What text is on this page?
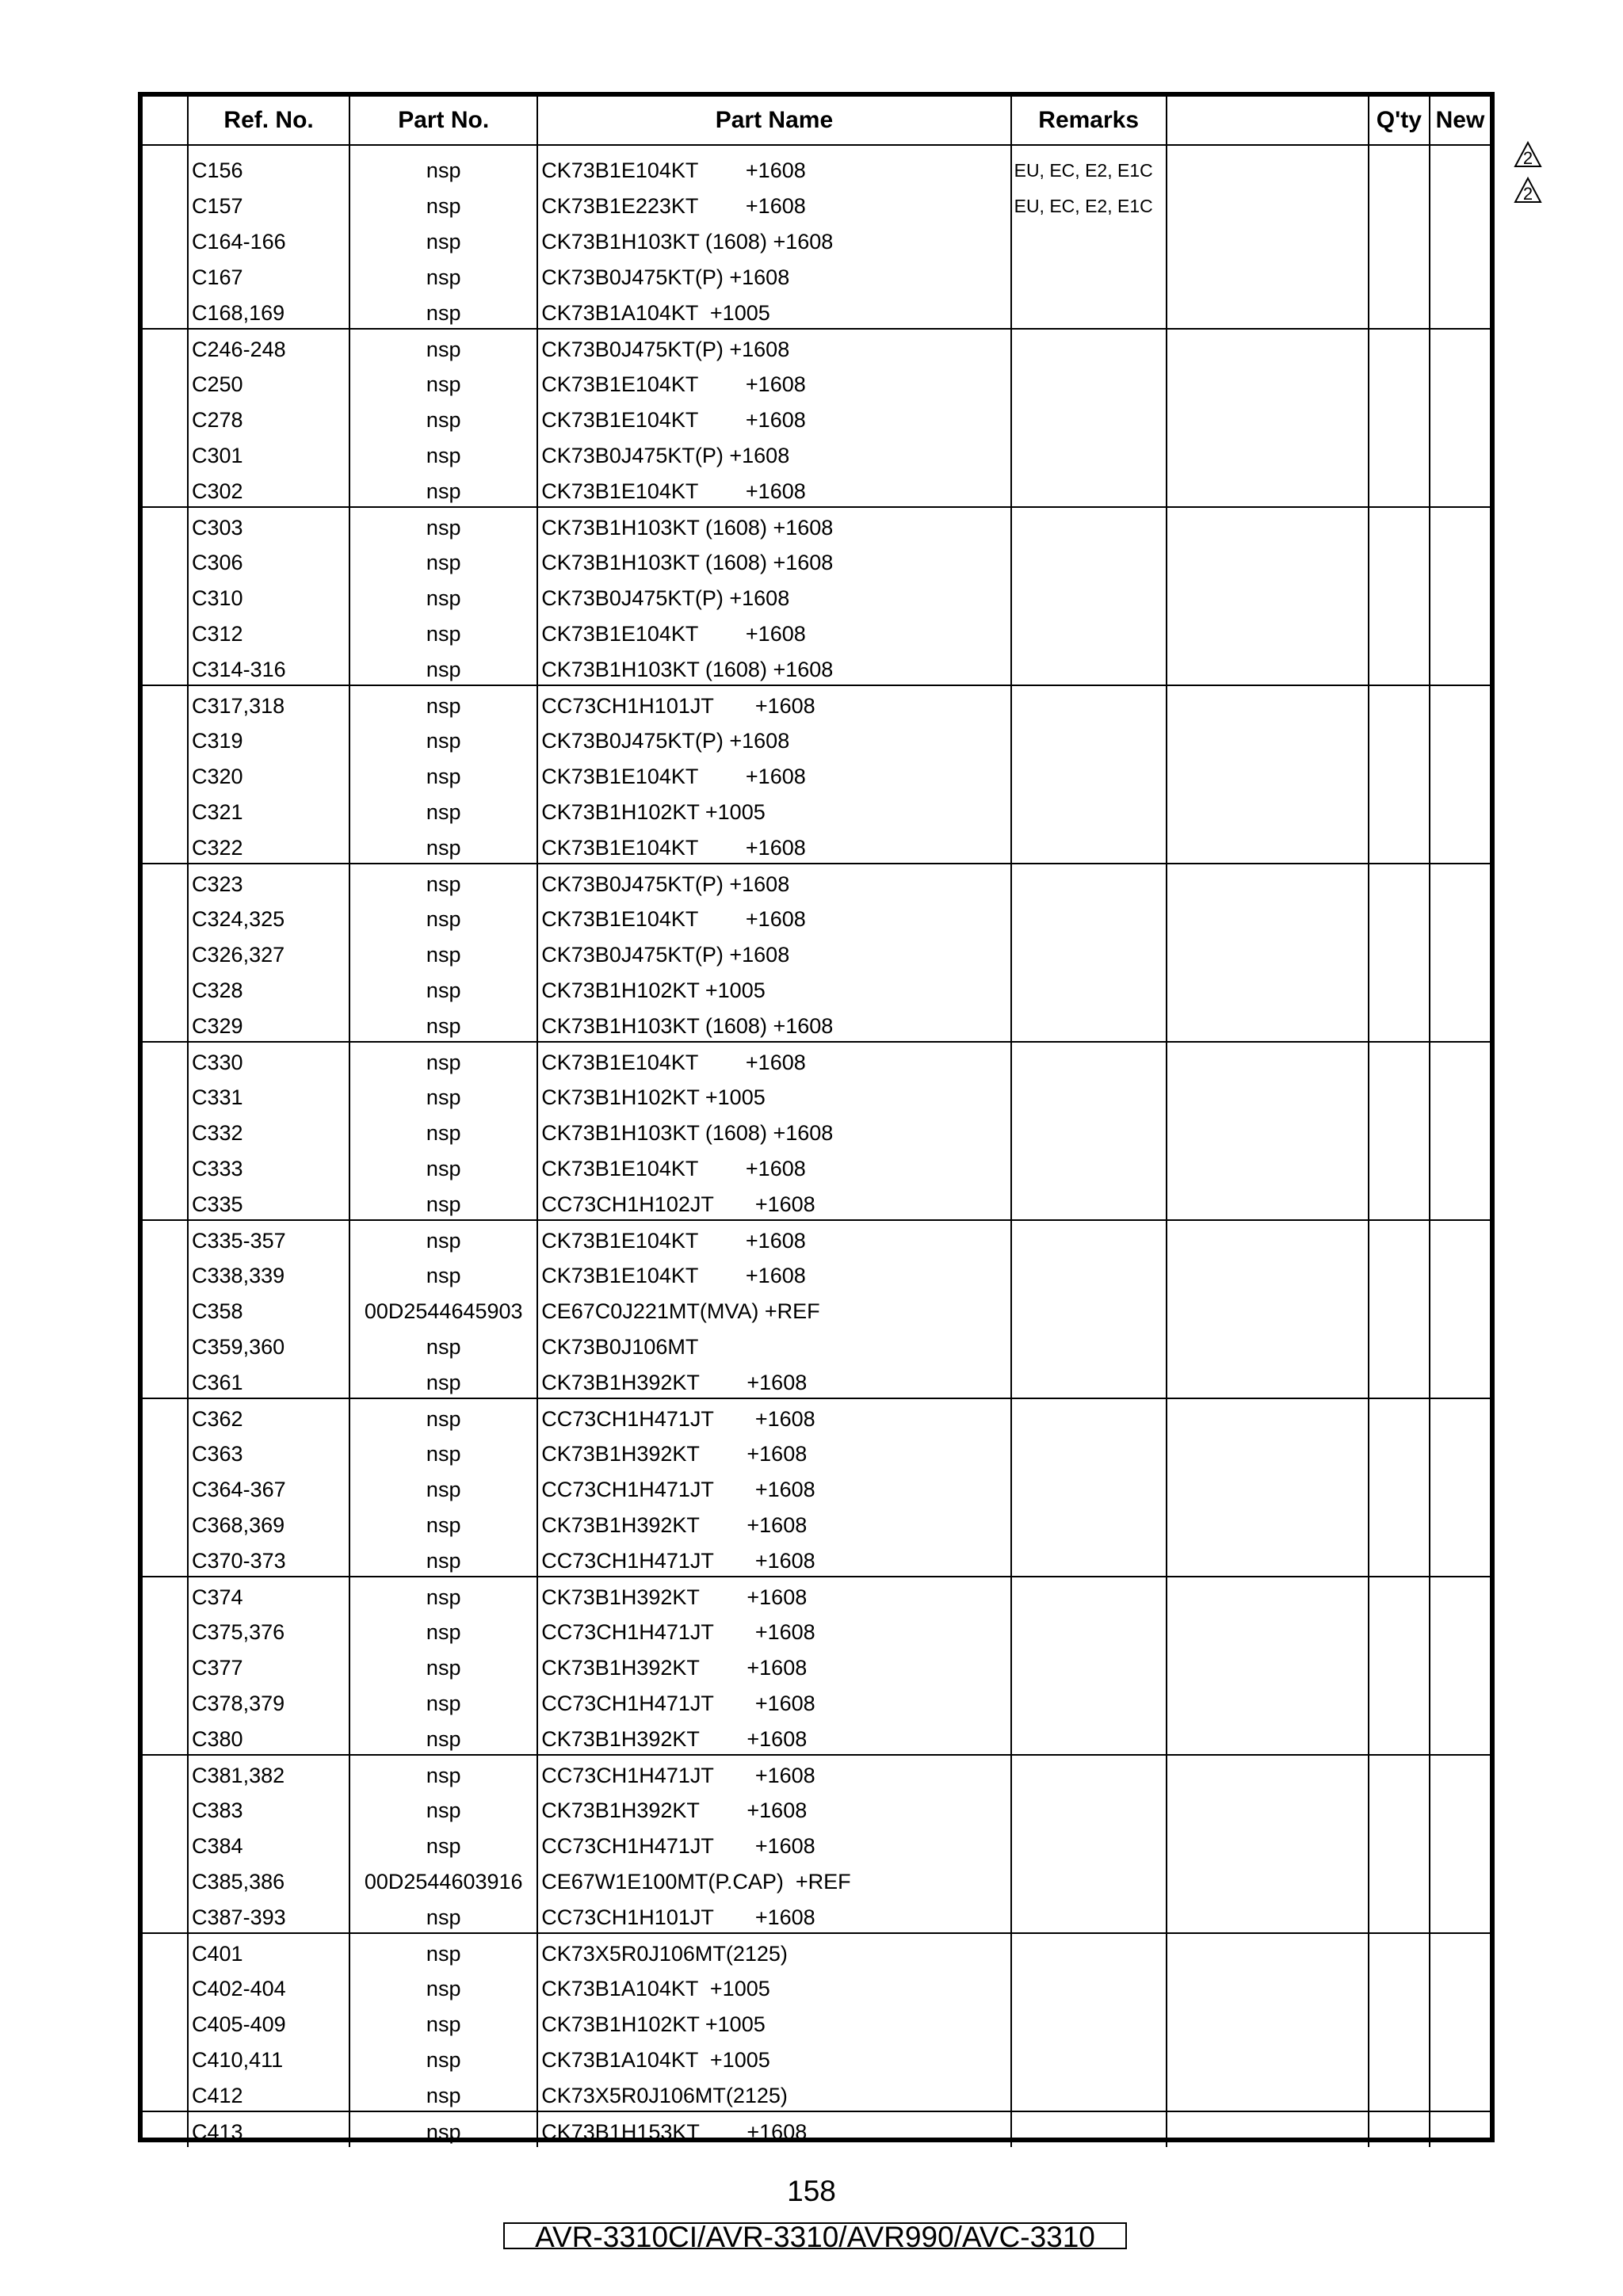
	Ref. No.	Part No.	Part Name	Remarks		Q'ty	New

	C156	nsp	CK73B1E104KT        +1608	EU, EC, E2, E1C			
	C157	nsp	CK73B1E223KT        +1608	EU, EC, E2, E1C			
	C164-166	nsp	CK73B1H103KT (1608) +1608				
	C167	nsp	CK73B0J475KT(P) +1608				
	C168,169	nsp	CK73B1A104KT  +1005				
	C246-248	nsp	CK73B0J475KT(P) +1608				
	C250	nsp	CK73B1E104KT        +1608				
	C278	nsp	CK73B1E104KT        +1608				
	C301	nsp	CK73B0J475KT(P) +1608				
	C302	nsp	CK73B1E104KT        +1608				
	C303	nsp	CK73B1H103KT (1608) +1608				
	C306	nsp	CK73B1H103KT (1608) +1608				
	C310	nsp	CK73B0J475KT(P) +1608				
	C312	nsp	CK73B1E104KT        +1608				
	C314-316	nsp	CK73B1H103KT (1608) +1608				
	C317,318	nsp	CC73CH1H101JT       +1608				
	C319	nsp	CK73B0J475KT(P) +1608				
	C320	nsp	CK73B1E104KT        +1608				
	C321	nsp	CK73B1H102KT +1005				
	C322	nsp	CK73B1E104KT        +1608				
	C323	nsp	CK73B0J475KT(P) +1608				
	C324,325	nsp	CK73B1E104KT        +1608				
	C326,327	nsp	CK73B0J475KT(P) +1608				
	C328	nsp	CK73B1H102KT +1005				
	C329	nsp	CK73B1H103KT (1608) +1608				
	C330	nsp	CK73B1E104KT        +1608				
	C331	nsp	CK73B1H102KT +1005				
	C332	nsp	CK73B1H103KT (1608) +1608				
	C333	nsp	CK73B1E104KT        +1608				
	C335	nsp	CC73CH1H102JT       +1608				
	C335-357	nsp	CK73B1E104KT        +1608				
	C338,339	nsp	CK73B1E104KT        +1608				
	C358	00D2544645903	CE67C0J221MT(MVA) +REF				
	C359,360	nsp	CK73B0J106MT				
	C361	nsp	CK73B1H392KT        +1608				
	C362	nsp	CC73CH1H471JT       +1608				
	C363	nsp	CK73B1H392KT        +1608				
	C364-367	nsp	CC73CH1H471JT       +1608				
	C368,369	nsp	CK73B1H392KT        +1608				
	C370-373	nsp	CC73CH1H471JT       +1608				
	C374	nsp	CK73B1H392KT        +1608				
	C375,376	nsp	CC73CH1H471JT       +1608				
	C377	nsp	CK73B1H392KT        +1608				
	C378,379	nsp	CC73CH1H471JT       +1608				
	C380	nsp	CK73B1H392KT        +1608				
	C381,382	nsp	CC73CH1H471JT       +1608				
	C383	nsp	CK73B1H392KT        +1608				
	C384	nsp	CC73CH1H471JT       +1608				
	C385,386	00D2544603916	CE67W1E100MT(P.CAP)  +REF				
	C387-393	nsp	CC73CH1H101JT       +1608				
	C401	nsp	CK73X5R0J106MT(2125)				
	C402-404	nsp	CK73B1A104KT  +1005				
	C405-409	nsp	CK73B1H102KT +1005				
	C410,411	nsp	CK73B1A104KT  +1005				
	C412	nsp	CK73X5R0J106MT(2125)				
	C413	nsp	CK73B1H153KT        +1608				
2
2
158
AVR-3310CI/AVR-3310/AVR990/AVC-3310
